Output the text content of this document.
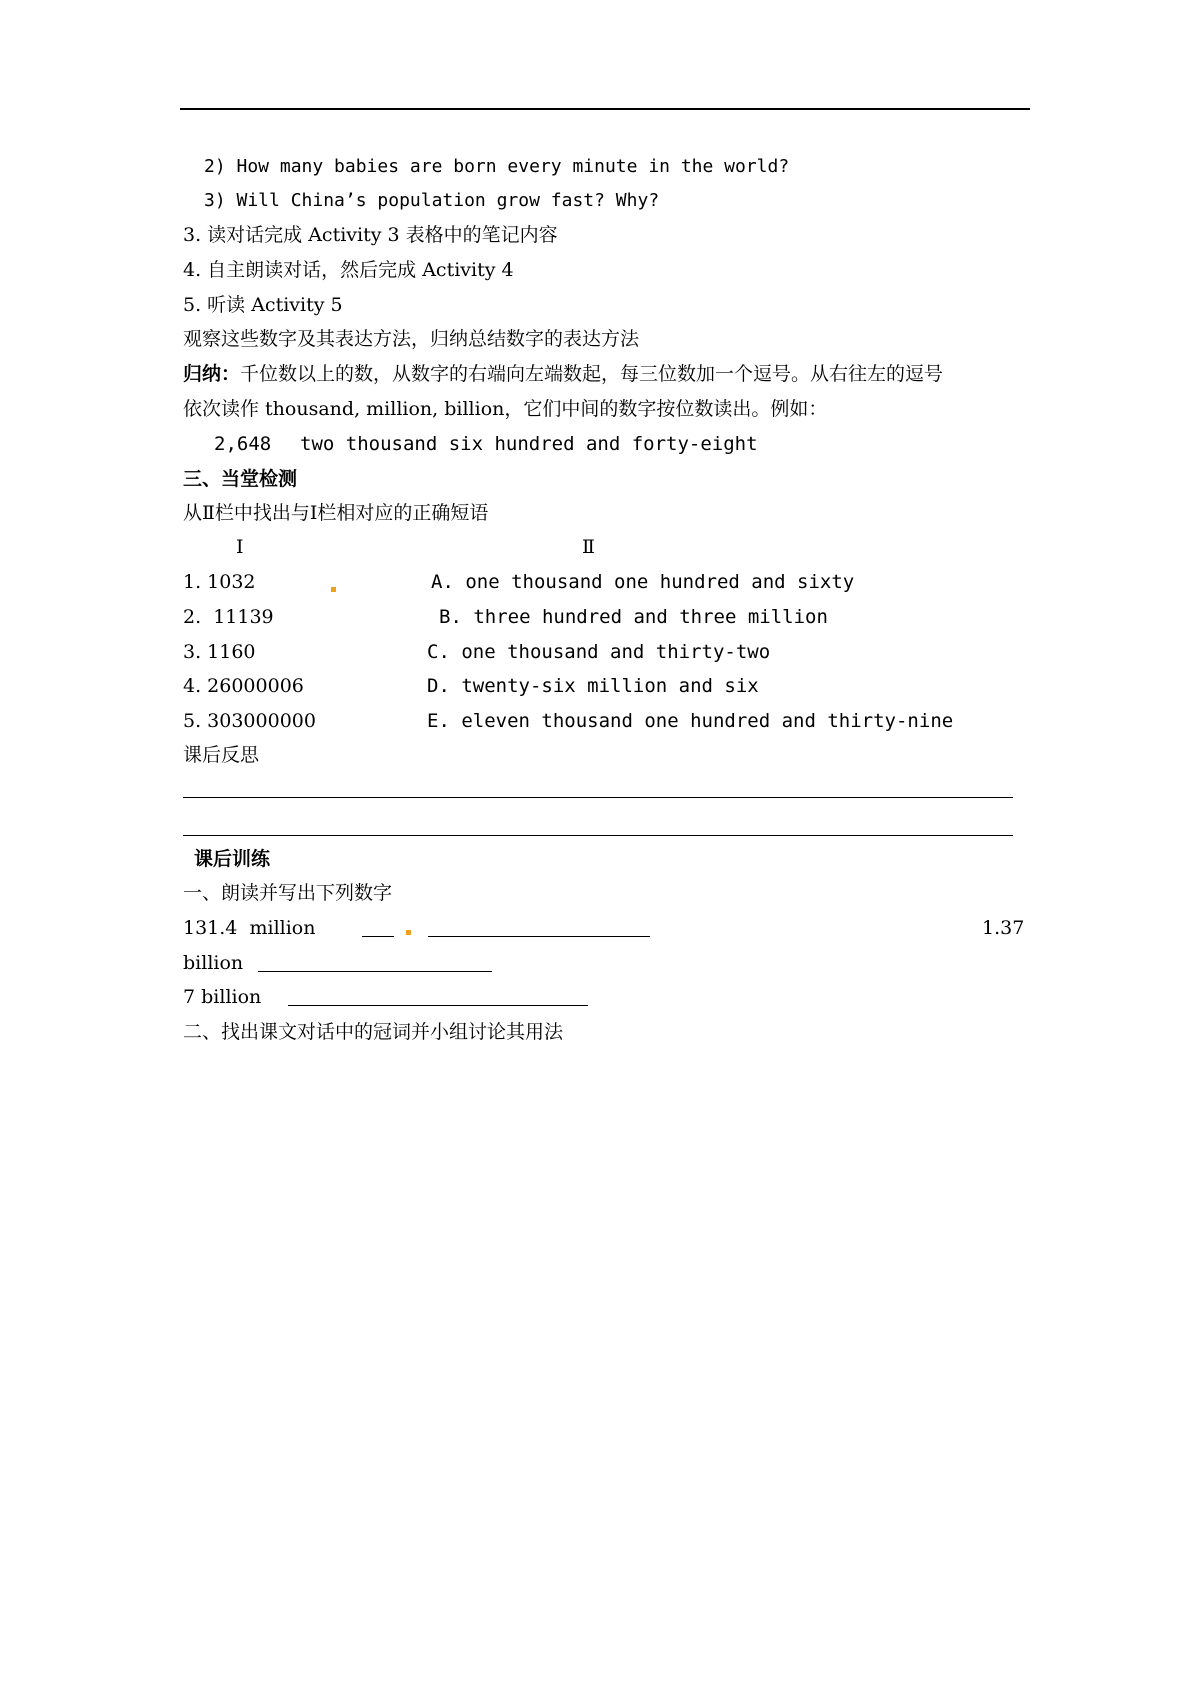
2) How many babies are born every minute in the world?
3) Will China’s population grow fast? Why?
3. 读对话完成 Activity 3 表格中的笔记内容
4. 自主朗读对话，然后完成 Activity 4
5. 听读 Activity 5
观察这些数字及其表达方法，归纳总结数字的表达方法
归纳：千位数以上的数，从数字的右端向左端数起，每三位数加一个逗号。从右往左的逗号
依次读作 thousand, million, billion，它们中间的数字按位数读出。例如：
2,648 two thousand six hundred and forty-eight
三、当堂检测
从Ⅱ栏中找出与Ⅰ栏相对应的正确短语
Ⅰ	Ⅱ
1. 1032	A. one thousand one hundred and sixty
2.  11139	B. three hundred and three million
3. 1160	C. one thousand and thirty-two
4. 26000006	D. twenty-six million and six
5. 303000000	E. eleven thousand one hundred and thirty-nine
课后反思
课后训练
一、朗读并写出下列数字
131.4  million	1.37
billion
7 billion
二、找出课文对话中的冠词并小组讨论其用法
